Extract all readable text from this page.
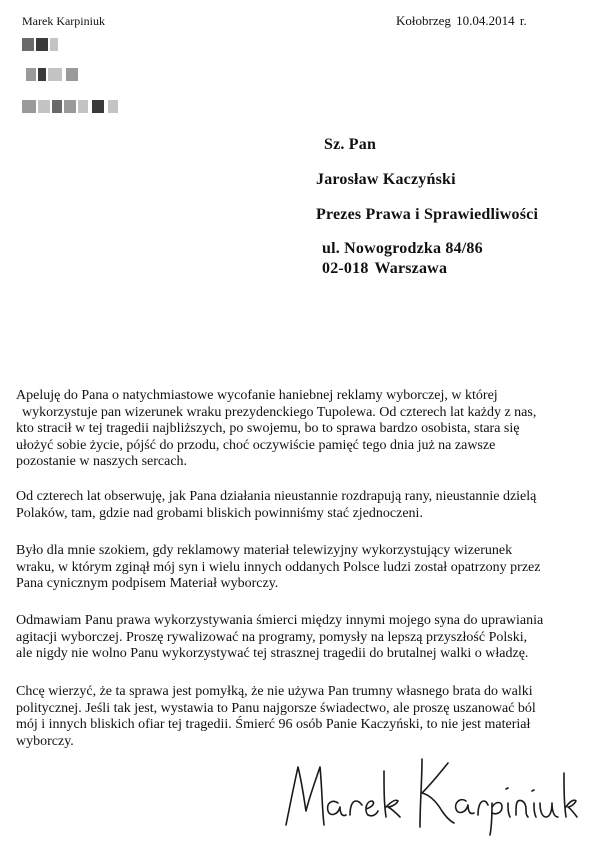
Marek Karpiniuk	Kołobrzeg 10.04.2014 r.
Sz. Pan
Jarosław Kaczyński
Prezes Prawa i Sprawiedliwości
ul. Nowogrodzka 84/86
02-018 Warszawa
Apeluję do Pana o natychmiastowe wycofanie haniebnej reklamy wyborczej, w której
wykorzystuje pan wizerunek wraku prezydenckiego Tupolewa. Od czterech lat każdy z nas,
kto stracił w tej tragedii najbliższych, po swojemu, bo to sprawa bardzo osobista, stara się
ułożyć sobie życie, pójść do przodu, choć oczywiście pamięć tego dnia już na zawsze
pozostanie w naszych sercach.
Od czterech lat obserwuję, jak Pana działania nieustannie rozdrapują rany, nieustannie dzielą
Polaków, tam, gdzie nad grobami bliskich powinniśmy stać zjednoczeni.
Było dla mnie szokiem, gdy reklamowy materiał telewizyjny wykorzystujący wizerunek
wraku, w którym zginął mój syn i wielu innych oddanych Polsce ludzi został opatrzony przez
Pana cynicznym podpisem Materiał wyborczy.
Odmawiam Panu prawa wykorzystywania śmierci między innymi mojego syna do uprawiania
agitacji wyborczej. Proszę rywalizować na programy, pomysły na lepszą przyszłość Polski,
ale nigdy nie wolno Panu wykorzystywać tej strasznej tragedii do brutalnej walki o władzę.
Chcę wierzyć, że ta sprawa jest pomyłką, że nie używa Pan trumny własnego brata do walki
politycznej. Jeśli tak jest, wystawia to Panu najgorsze świadectwo, ale proszę uszanować ból
mój i innych bliskich ofiar tej tragedii. Śmierć 96 osób Panie Kaczyński, to nie jest materiał
wyborczy.
